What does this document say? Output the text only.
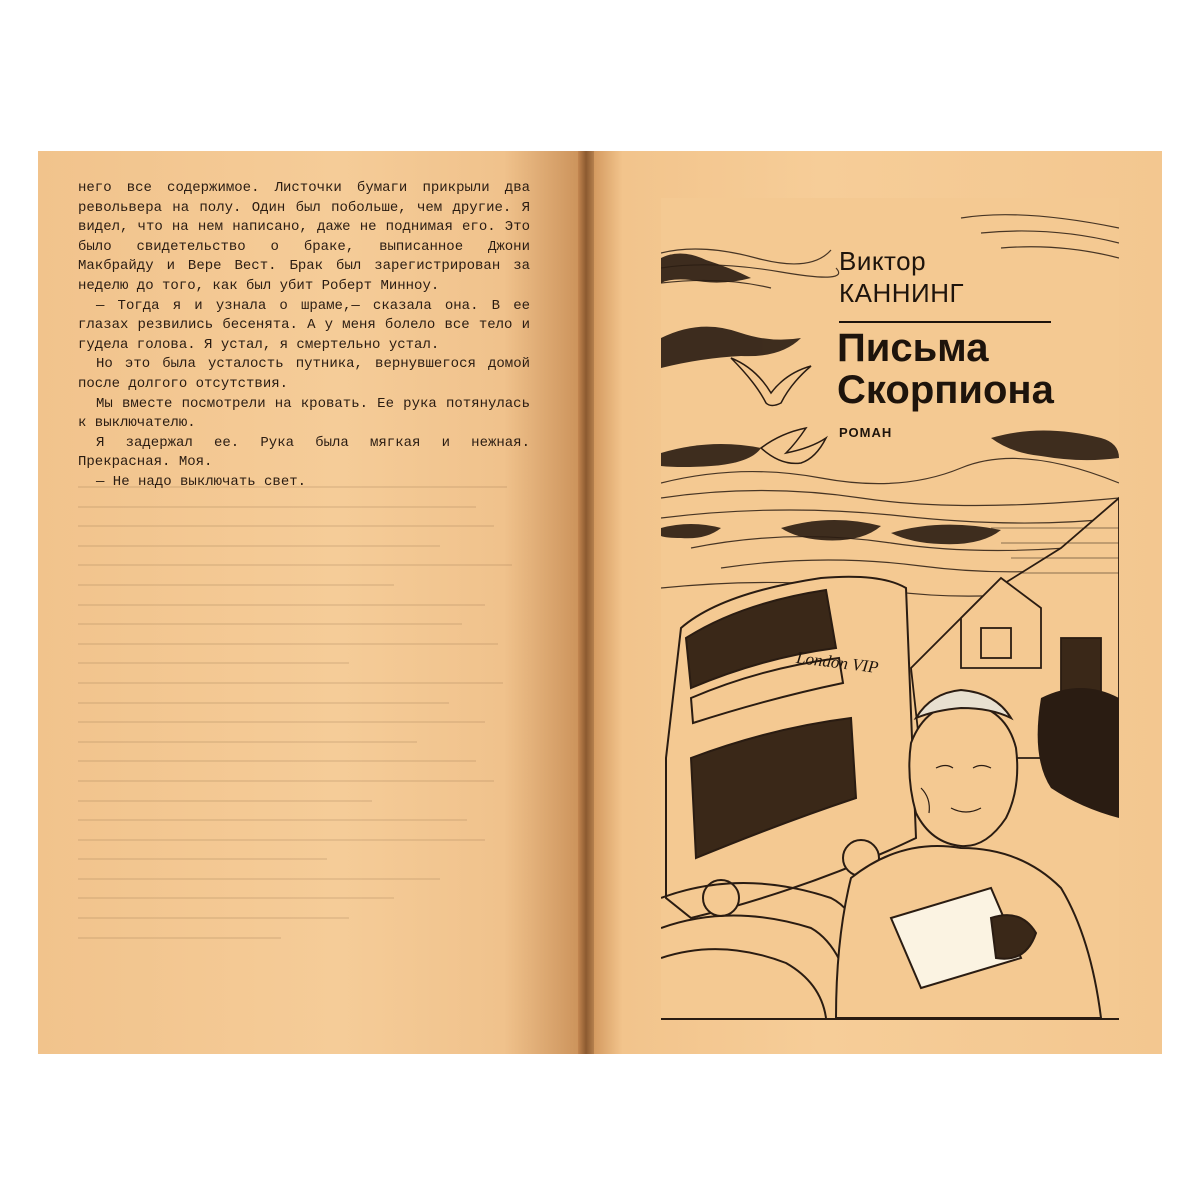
него все содержимое. Листочки бумаги прикрыли два револьвера на полу. Один был побольше, чем другие. Я видел, что на нем написано, даже не поднимая его. Это было свидетельство о браке, выписанное Джони Макбрайду и Вере Вест. Брак был зарегистрирован за неделю до того, как был убит Роберт Минноу.

— Тогда я и узнала о шраме,— сказала она. В ее глазах резвились бесенята. А у меня болело все тело и гудела голова. Я устал, я смертельно устал.

Но это была усталость путника, вернувшегося домой после долгого отсутствия.

Мы вместе посмотрели на кровать. Ее рука потянулась к выключателю.

Я задержал ее. Рука была мягкая и нежная. Прекрасная. Моя.

— Не надо выключать свет.

Виктор
КАННИНГ
Письма
Скорпиона
РОМАН
London VIP
